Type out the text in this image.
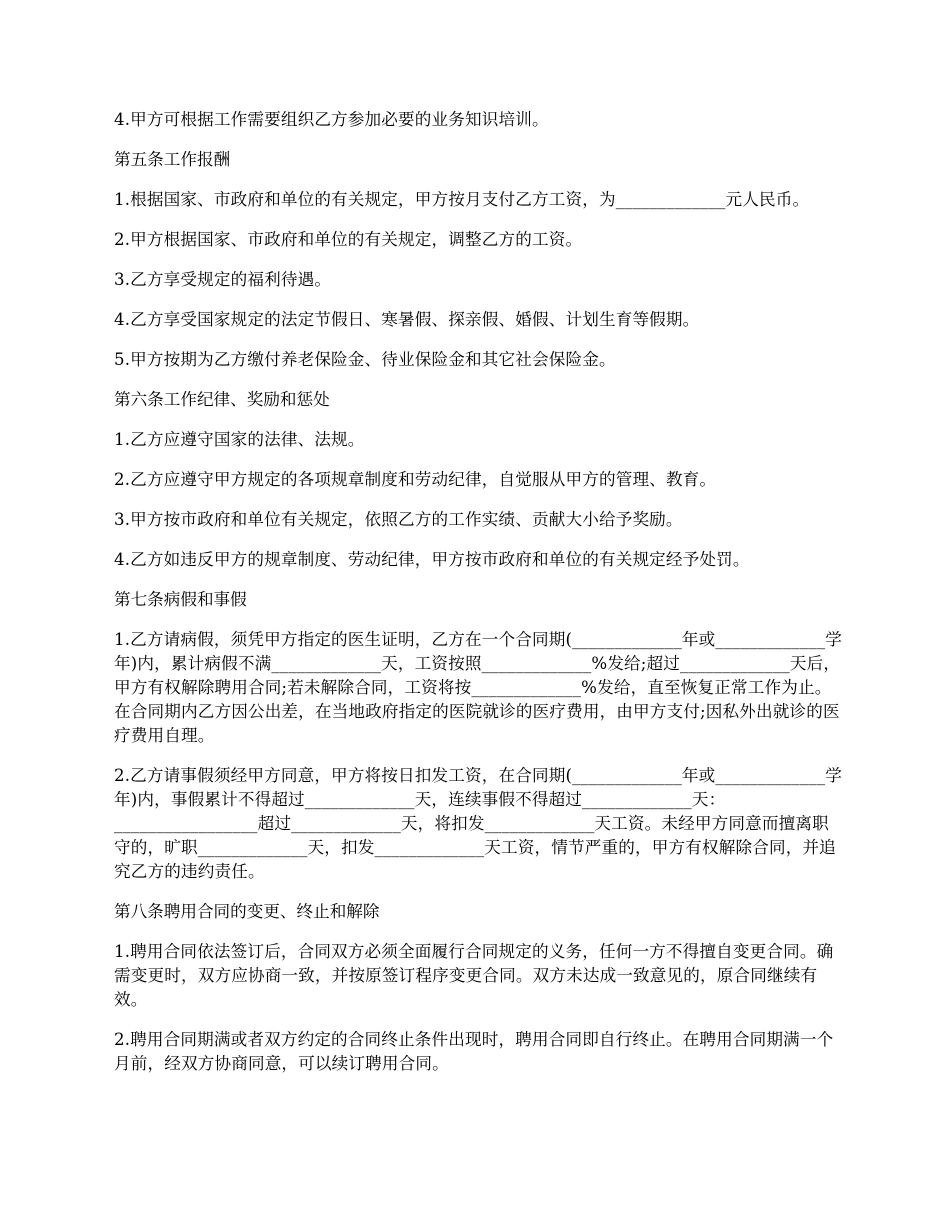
4.甲方可根据工作需要组织乙方参加必要的业务知识培训。

第五条工作报酬

1.根据国家、市政府和单位的有关规定，甲方按月支付乙方工资，为_____________元人民币。

2.甲方根据国家、市政府和单位的有关规定，调整乙方的工资。

3.乙方享受规定的福利待遇。

4.乙方享受国家规定的法定节假日、寒暑假、探亲假、婚假、计划生育等假期。

5.甲方按期为乙方缴付养老保险金、待业保险金和其它社会保险金。

第六条工作纪律、奖励和惩处

1.乙方应遵守国家的法律、法规。

2.乙方应遵守甲方规定的各项规章制度和劳动纪律，自觉服从甲方的管理、教育。

3.甲方按市政府和单位有关规定，依照乙方的工作实绩、贡献大小给予奖励。

4.乙方如违反甲方的规章制度、劳动纪律，甲方按市政府和单位的有关规定经予处罚。

第七条病假和事假

1.乙方请病假，须凭甲方指定的医生证明，乙方在一个合同期(_____________年或_____________学年)内，累计病假不满_____________天，工资按照_____________%发给;超过_____________天后，甲方有权解除聘用合同;若未解除合同，工资将按_____________%发给，直至恢复正常工作为止。在合同期内乙方因公出差，在当地政府指定的医院就诊的医疗费用，由甲方支付;因私外出就诊的医疗费用自理。

2.乙方请事假须经甲方同意，甲方将按日扣发工资，在合同期(_____________年或_____________学年)内，事假累计不得超过_____________天，连续事假不得超过_____________天：_________________超过_____________天，将扣发_____________天工资。未经甲方同意而擅离职守的，旷职_____________天，扣发_____________天工资，情节严重的，甲方有权解除合同，并追究乙方的违约责任。

第八条聘用合同的变更、终止和解除

1.聘用合同依法签订后，合同双方必须全面履行合同规定的义务，任何一方不得擅自变更合同。确需变更时，双方应协商一致，并按原签订程序变更合同。双方未达成一致意见的，原合同继续有效。

2.聘用合同期满或者双方约定的合同终止条件出现时，聘用合同即自行终止。在聘用合同期满一个月前，经双方协商同意，可以续订聘用合同。
